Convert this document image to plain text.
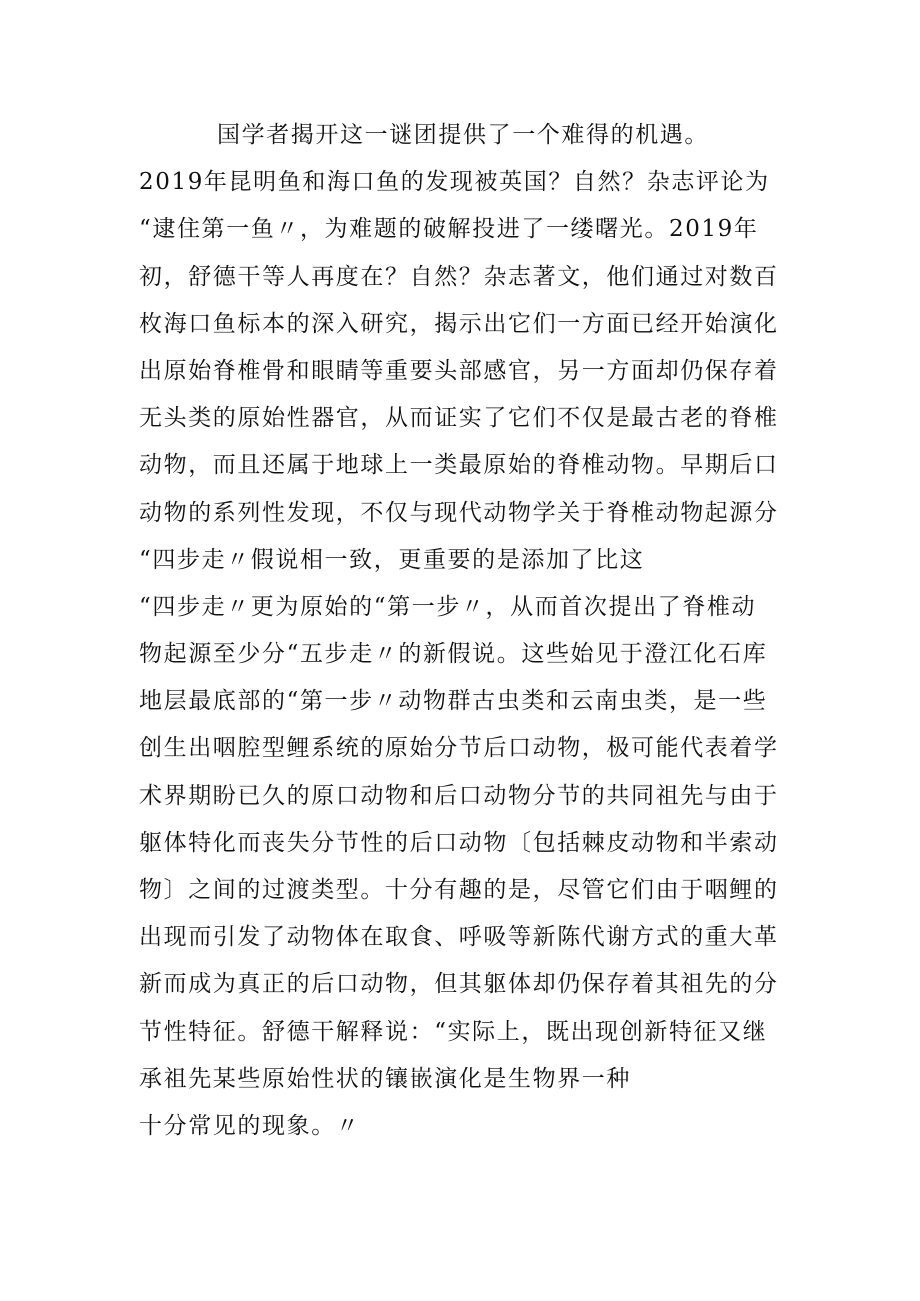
国学者揭开这一谜团提供了一个难得的机遇。
2019年昆明鱼和海口鱼的发现被英国？自然？杂志评论为
“逮住第一鱼〃，为难题的破解投进了一缕曙光。2019年
初，舒德干等人再度在？自然？杂志著文，他们通过对数百
枚海口鱼标本的深入研究，揭示出它们一方面已经开始演化
出原始脊椎骨和眼睛等重要头部感官，另一方面却仍保存着
无头类的原始性器官，从而证实了它们不仅是最古老的脊椎
动物，而且还属于地球上一类最原始的脊椎动物。早期后口
动物的系列性发现，不仅与现代动物学关于脊椎动物起源分
“四步走〃假说相一致，更重要的是添加了比这
“四步走〃更为原始的“第一步〃，从而首次提出了脊椎动
物起源至少分“五步走〃的新假说。这些始见于澄江化石库
地层最底部的“第一步〃动物群古虫类和云南虫类，是一些
创生出咽腔型鲤系统的原始分节后口动物，极可能代表着学
术界期盼已久的原口动物和后口动物分节的共同祖先与由于
躯体特化而丧失分节性的后口动物〔包括棘皮动物和半索动
物〕之间的过渡类型。十分有趣的是，尽管它们由于咽鲤的
出现而引发了动物体在取食、呼吸等新陈代谢方式的重大革
新而成为真正的后口动物，但其躯体却仍保存着其祖先的分
节性特征。舒德干解释说：“实际上，既出现创新特征又继
承祖先某些原始性状的镶嵌演化是生物界一种
十分常见的现象。〃
